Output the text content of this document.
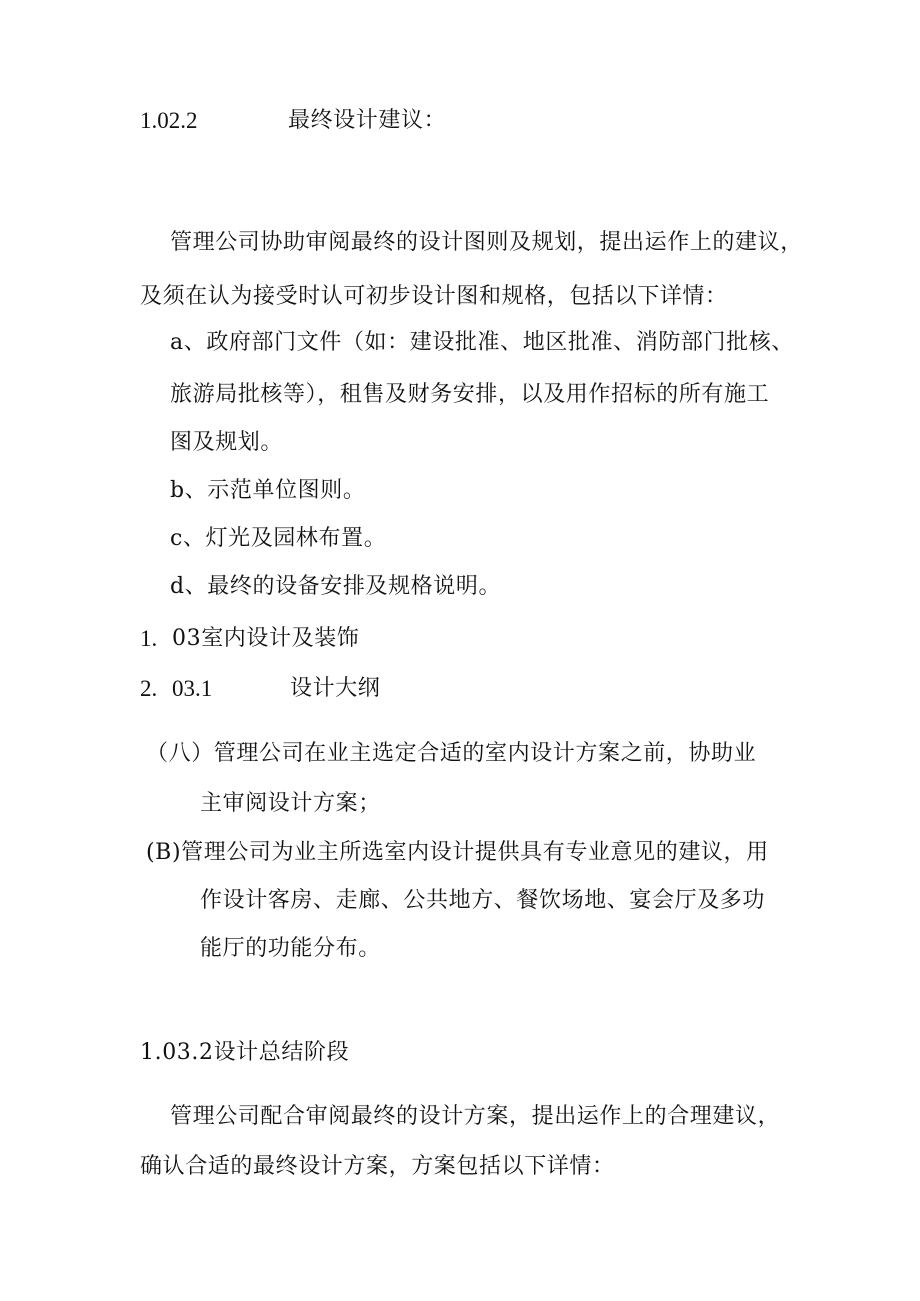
1.02.2	最终设计建议：
管理公司协助审阅最终的设计图则及规划，提出运作上的建议，
及须在认为接受时认可初步设计图和规格，包括以下详情：
a、政府部门文件（如：建设批准、地区批准、消防部门批核、
旅游局批核等），租售及财务安排，以及用作招标的所有施工
图及规划。
b、示范单位图则。
c、灯光及园林布置。
d、最终的设备安排及规格说明。
1. 03室内设计及装饰
2. 03.1	设计大纲
（八）管理公司在业主选定合适的室内设计方案之前，协助业
主审阅设计方案；
(B)管理公司为业主所选室内设计提供具有专业意见的建议，用
作设计客房、走廊、公共地方、餐饮场地、宴会厅及多功
能厅的功能分布。
1.03.2设计总结阶段
管理公司配合审阅最终的设计方案，提出运作上的合理建议，
确认合适的最终设计方案，方案包括以下详情：
